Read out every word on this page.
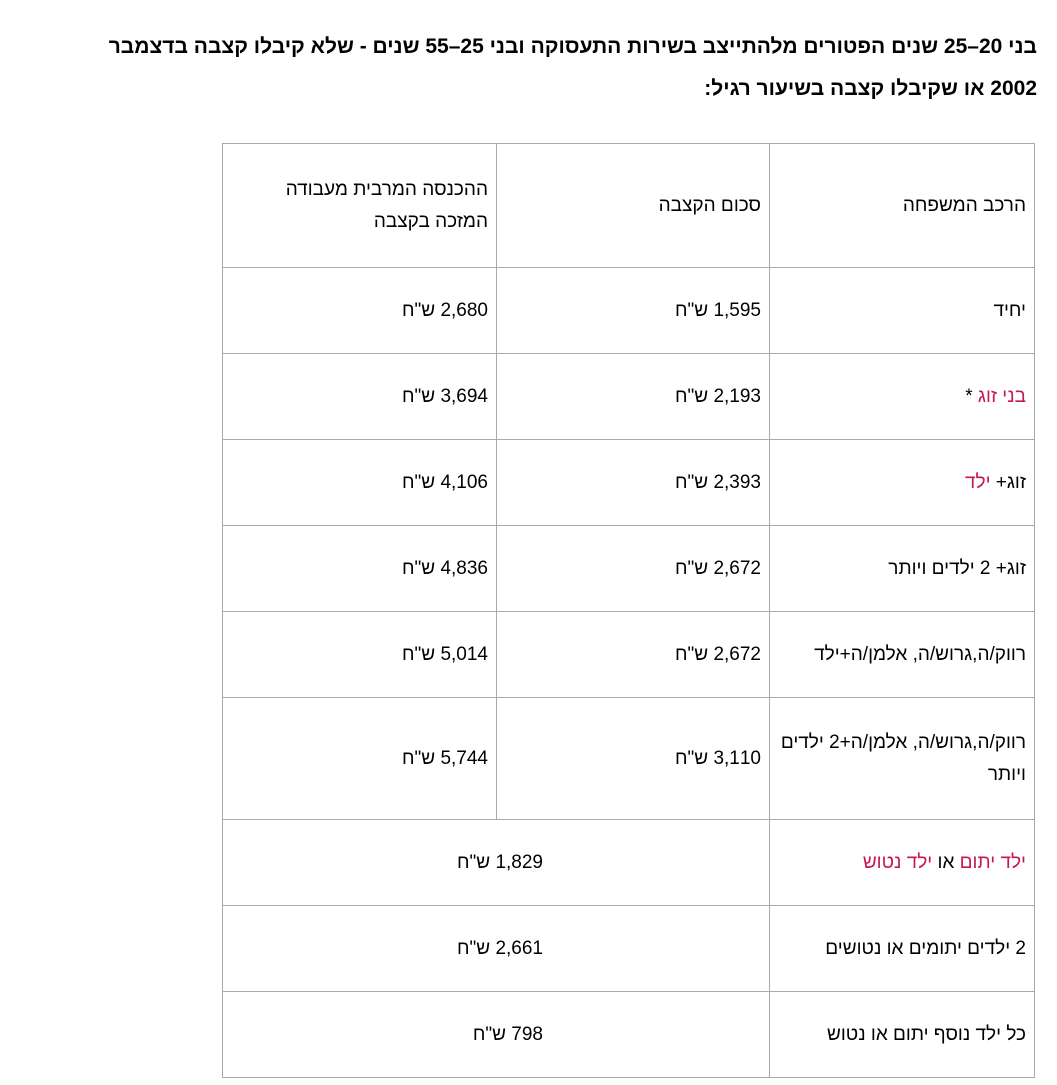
בני 20–25 שנים הפטורים מלהתייצב בשירות התעסוקה ובני 25–55 שנים - שלא קיבלו קצבה בדצמבר
2002 או שקיבלו קצבה בשיעור רגיל:
הרכב המשפחה	סכום הקצבה	ההכנסה המרבית מעבודה המזכה בקצבה
יחיד	1,595 ש"ח	2,680 ש"ח
בני זוג *	2,193 ש"ח	3,694 ש"ח
זוג+ ילד	2,393 ש"ח	4,106 ש"ח
זוג+ 2 ילדים ויותר	2,672 ש"ח	4,836 ש"ח
רווק/ה,גרוש/ה, אלמן/ה+ילד	2,672 ש"ח	5,014 ש"ח
רווק/ה,גרוש/ה, אלמן/ה+2 ילדים ויותר	3,110 ש"ח	5,744 ש"ח
ילד יתום או ילד נטוש	1,829 ש"ח	
2 ילדים יתומים או נטושים	2,661 ש"ח	
כל ילד נוסף יתום או נטוש	798 ש"ח	
